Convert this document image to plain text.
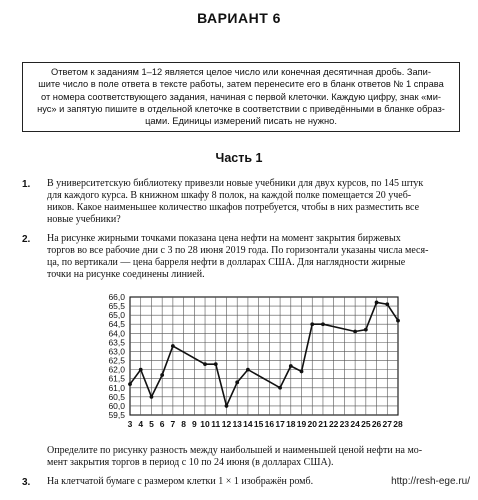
ВАРИАНТ 6
Ответом к заданиям 1–12 является целое число или конечная десятичная дробь. Запи-
шите число в поле ответа в тексте работы, затем перенесите его в бланк ответов № 1 справа
от номера соответствующего задания, начиная с первой клеточки. Каждую цифру, знак «ми-
нус» и запятую пишите в отдельной клеточке в соответствии с приведёнными в бланке образ-
цами. Единицы измерений писать не нужно.
Часть 1
1. В университетскую библиотеку привезли новые учебники для двух курсов, по 145 штук
для каждого курса. В книжном шкафу 8 полок, на каждой полке помещается 20 учеб-
ников. Какое наименьшее количество шкафов потребуется, чтобы в них разместить все
новые учебники?
2. На рисунке жирными точками показана цена нефти на момент закрытия биржевых
торгов во все рабочие дни с 3 по 28 июня 2019 года. По горизонтали указаны числа меся-
ца, по вертикали — цена барреля нефти в долларах США. Для наглядности жирные
точки на рисунке соединены линией.
59,5
60,0
60,5
61,0
61,5
62,0
62,5
63,0
63,5
64,0
64,5
65,0
65,5
66,0
3 4 5 6 7 8 9 10 11 12 13 14 15 16 17 18 19 20 21 22 23 24 25 26 27 28
Определите по рисунку разность между наибольшей и наименьшей ценой нефти на мо-
мент закрытия торгов в период с 10 по 24 июня (в долларах США).
3. На клетчатой бумаге с размером клетки 1 × 1 изображён ромб.	http://resh-ege.ru/
